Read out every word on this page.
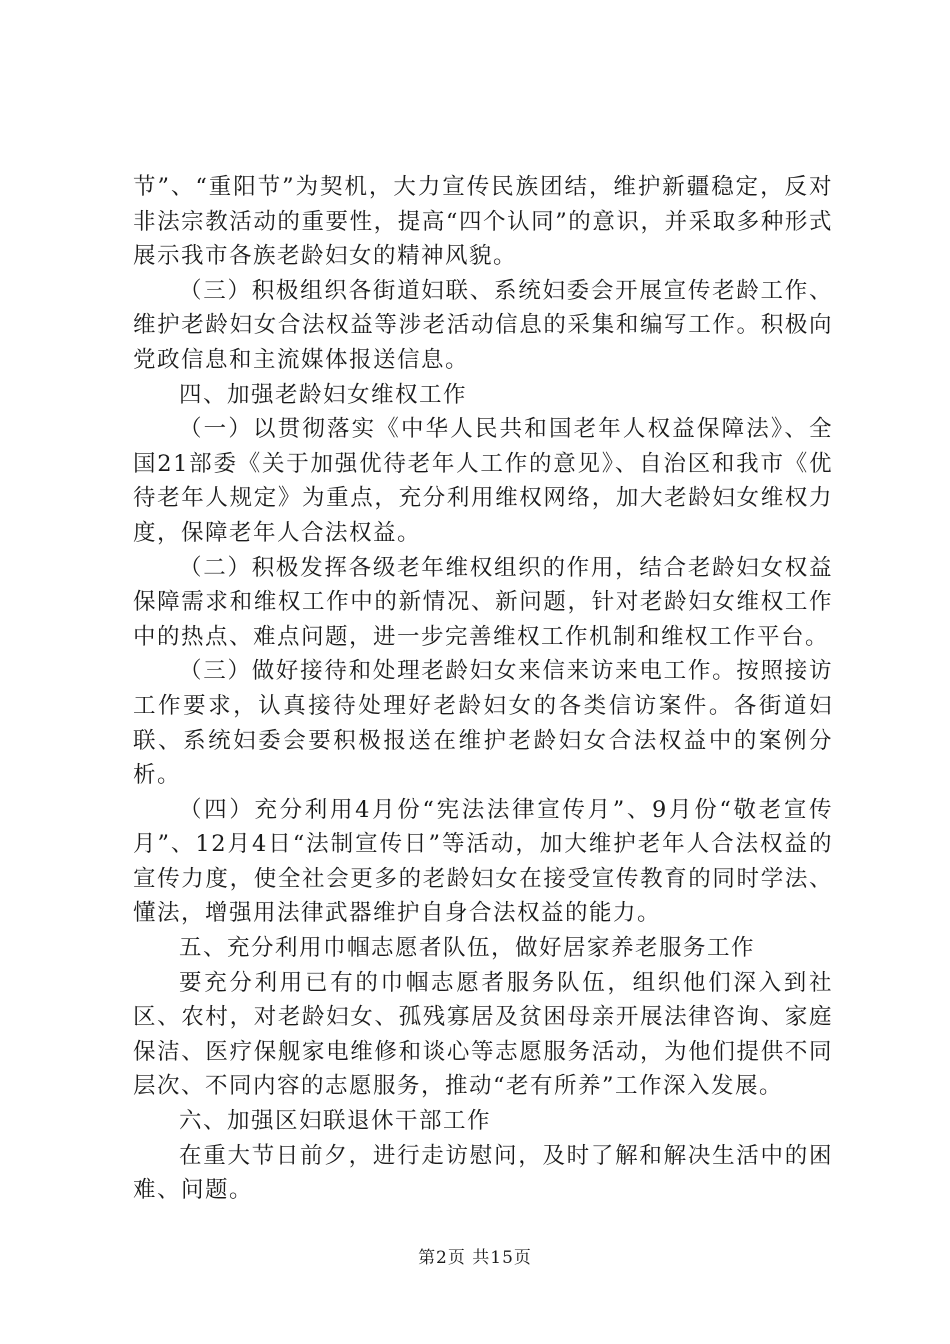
节”、“重阳节”为契机，大力宣传民族团结，维护新疆稳定，反对非法宗教活动的重要性，提高“四个认同”的意识，并采取多种形式展示我市各族老龄妇女的精神风貌。

（三）积极组织各街道妇联、系统妇委会开展宣传老龄工作、维护老龄妇女合法权益等涉老活动信息的采集和编写工作。积极向党政信息和主流媒体报送信息。

四、加强老龄妇女维权工作

（一）以贯彻落实《中华人民共和国老年人权益保障法》、全国21部委《关于加强优待老年人工作的意见》、自治区和我市《优待老年人规定》为重点，充分利用维权网络，加大老龄妇女维权力度，保障老年人合法权益。

（二）积极发挥各级老年维权组织的作用，结合老龄妇女权益保障需求和维权工作中的新情况、新问题，针对老龄妇女维权工作中的热点、难点问题，进一步完善维权工作机制和维权工作平台。

（三）做好接待和处理老龄妇女来信来访来电工作。按照接访工作要求，认真接待处理好老龄妇女的各类信访案件。各街道妇联、系统妇委会要积极报送在维护老龄妇女合法权益中的案例分析。

（四）充分利用4月份“宪法法律宣传月”、9月份“敬老宣传月”、12月4日“法制宣传日”等活动，加大维护老年人合法权益的宣传力度，使全社会更多的老龄妇女在接受宣传教育的同时学法、懂法，增强用法律武器维护自身合法权益的能力。

五、充分利用巾帼志愿者队伍，做好居家养老服务工作

要充分利用已有的巾帼志愿者服务队伍，组织他们深入到社区、农村，对老龄妇女、孤残寡居及贫困母亲开展法律咨询、家庭保洁、医疗保舰家电维修和谈心等志愿服务活动，为他们提供不同层次、不同内容的志愿服务，推动“老有所养”工作深入发展。

六、加强区妇联退休干部工作

在重大节日前夕，进行走访慰问，及时了解和解决生活中的困难、问题。

第2页 共15页
